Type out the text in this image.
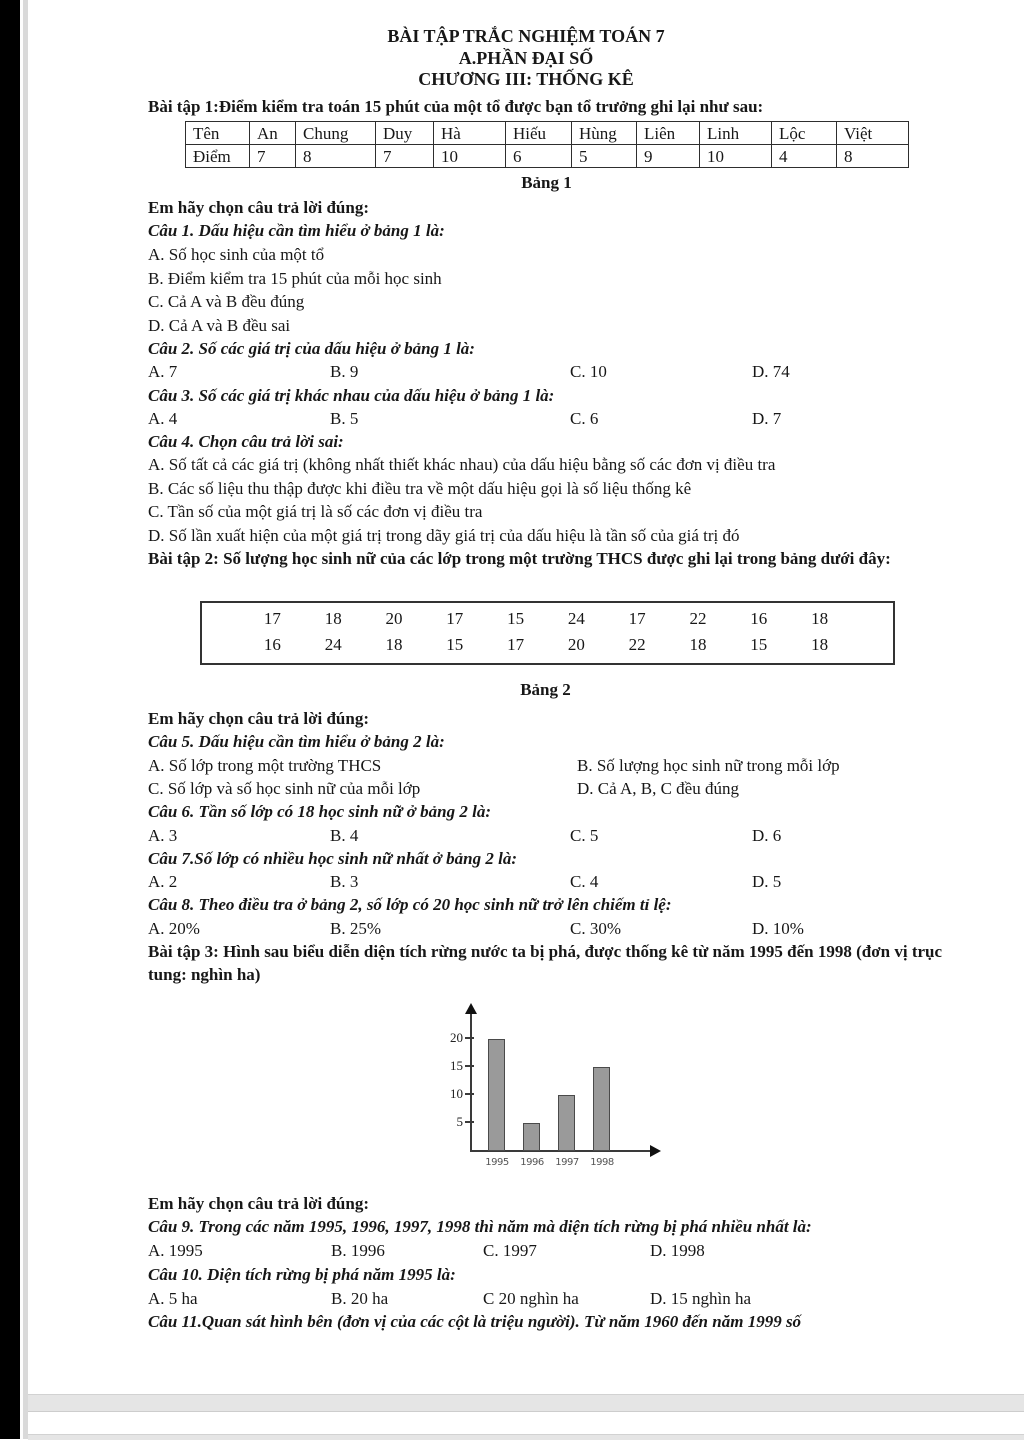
BÀI TẬP TRẮC NGHIỆM TOÁN 7
A.PHẦN ĐẠI SỐ
CHƯƠNG III: THỐNG KÊ
Bài tập 1:Điểm kiểm tra toán 15 phút của một tổ được bạn tổ trưởng ghi lại như sau:
Tên	An	Chung	Duy	Hà	Hiếu	Hùng	Liên	Linh	Lộc	Việt
Điểm	7	8	7	10	6	5	9	10	4	8
Bảng 1
Em hãy chọn câu trả lời đúng:
Câu 1. Dấu hiệu cần tìm hiểu ở bảng 1 là:
A. Số học sinh của một tổ
B. Điểm kiểm tra 15 phút của mỗi học sinh
C. Cả A và B đều đúng
D. Cả A và B đều sai
Câu 2. Số các giá trị của dấu hiệu ở bảng 1 là:
A. 7	B. 9	C. 10	D. 74
Câu 3. Số các giá trị khác nhau của dấu hiệu ở bảng 1 là:
A. 4	B. 5	C. 6	D. 7
Câu 4. Chọn câu trả lời sai:
A. Số tất cả các giá trị (không nhất thiết khác nhau) của dấu hiệu bằng số các đơn vị điều tra
B. Các số liệu thu thập được khi điều tra về một dấu hiệu gọi là số liệu thống kê
C. Tần số của một giá trị là số các đơn vị điều tra
D. Số lần xuất hiện của một giá trị trong dãy giá trị của dấu hiệu là tần số của giá trị đó
Bài tập 2: Số lượng học sinh nữ của các lớp trong một trường THCS được ghi lại trong bảng dưới đây:
17	18	20	17	15	24	17	22	16	18
16	24	18	15	17	20	22	18	15	18
Bảng 2
Em hãy chọn câu trả lời đúng:
Câu 5. Dấu hiệu cần tìm hiểu ở bảng 2 là:
A. Số lớp trong một trường THCS	B. Số lượng học sinh nữ trong mỗi lớp
C. Số lớp và số học sinh nữ của mỗi lớp	D. Cả A, B, C đều đúng
Câu 6. Tần số lớp có 18 học sinh nữ ở bảng 2 là:
A. 3	B. 4	C. 5	D. 6
Câu 7.Số lớp có nhiều học sinh nữ nhất ở bảng 2 là:
A. 2	B. 3	C. 4	D. 5
Câu 8. Theo điều tra ở bảng 2, số lớp có 20 học sinh nữ trở lên chiếm tỉ lệ:
A. 20%	B. 25%	C. 30%	D. 10%
Bài tập 3: Hình sau biểu diễn diện tích rừng nước ta bị phá, được thống kê từ năm 1995 đến 1998 (đơn vị trục tung: nghìn ha)
20
15
10
5
1995	1996	1997	1998
Em hãy chọn câu trả lời đúng:
Câu 9. Trong các năm 1995, 1996, 1997, 1998 thì năm mà diện tích rừng bị phá nhiều nhất là:
A. 1995	B. 1996	C. 1997	D. 1998
Câu 10. Diện tích rừng bị phá năm 1995 là:
A. 5 ha	B. 20 ha	C 20 nghìn ha	D. 15 nghìn ha
Câu 11.Quan sát hình bên (đơn vị của các cột là triệu người). Từ năm 1960 đến năm 1999 số
